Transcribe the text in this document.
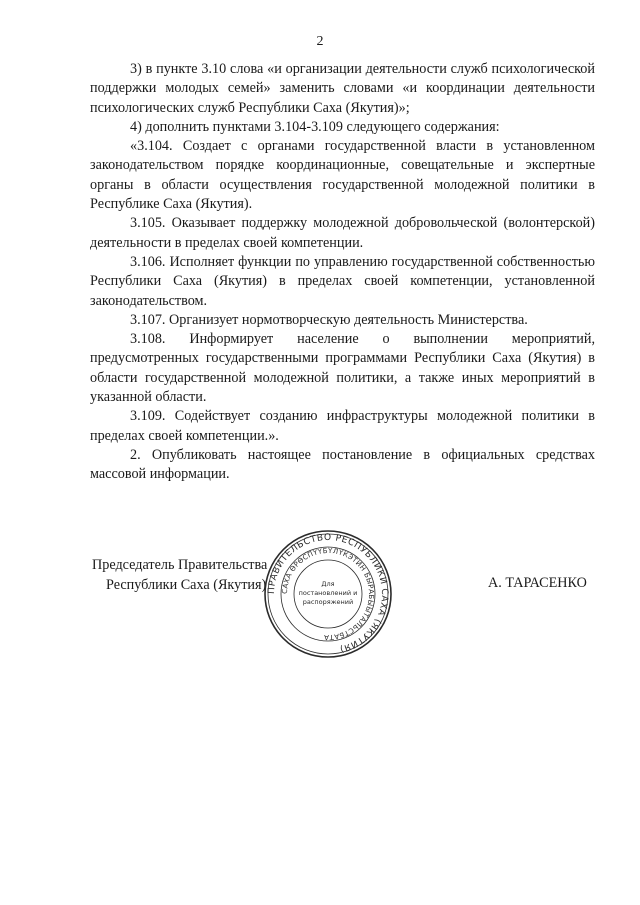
2

3) в пункте 3.10 слова «и организации деятельности служб психологической поддержки молодых семей» заменить словами «и координации деятельности психологических служб Республики Саха (Якутия)»;

4) дополнить пунктами 3.104-3.109 следующего содержания:

«3.104. Создает с органами государственной власти в установленном законодательством порядке координационные, совещательные и экспертные органы в области осуществления государственной молодежной политики в Республике Саха (Якутия).

3.105. Оказывает поддержку молодежной добровольческой (волонтерской) деятельности в пределах своей компетенции.

3.106. Исполняет функции по управлению государственной собственностью Республики Саха (Якутия) в пределах своей компетенции, установленной законодательством.

3.107. Организует нормотворческую деятельность Министерства.

3.108. Информирует население о выполнении мероприятий, предусмотренных государственными программами Республики Саха (Якутия) в области государственной молодежной политики, а также иных мероприятий в указанной области.

3.109. Содействует созданию инфраструктуры молодежной политики в пределах своей компетенции.».

2. Опубликовать настоящее постановление в официальных средствах массовой информации.

Председатель Правительства
Республики Саха (Якутия) ПРАВИТЕЛЬСТВО РЕСПУБЛИКИ САХА (ЯКУТИЯ)
САХА ӨРӨСПҮҮБҮЛҮКЭТИН БЫРАБЫЫТАЛЬСТБАТА
Для
постановлений и
распоряжений
А. ТАРАСЕНКО
